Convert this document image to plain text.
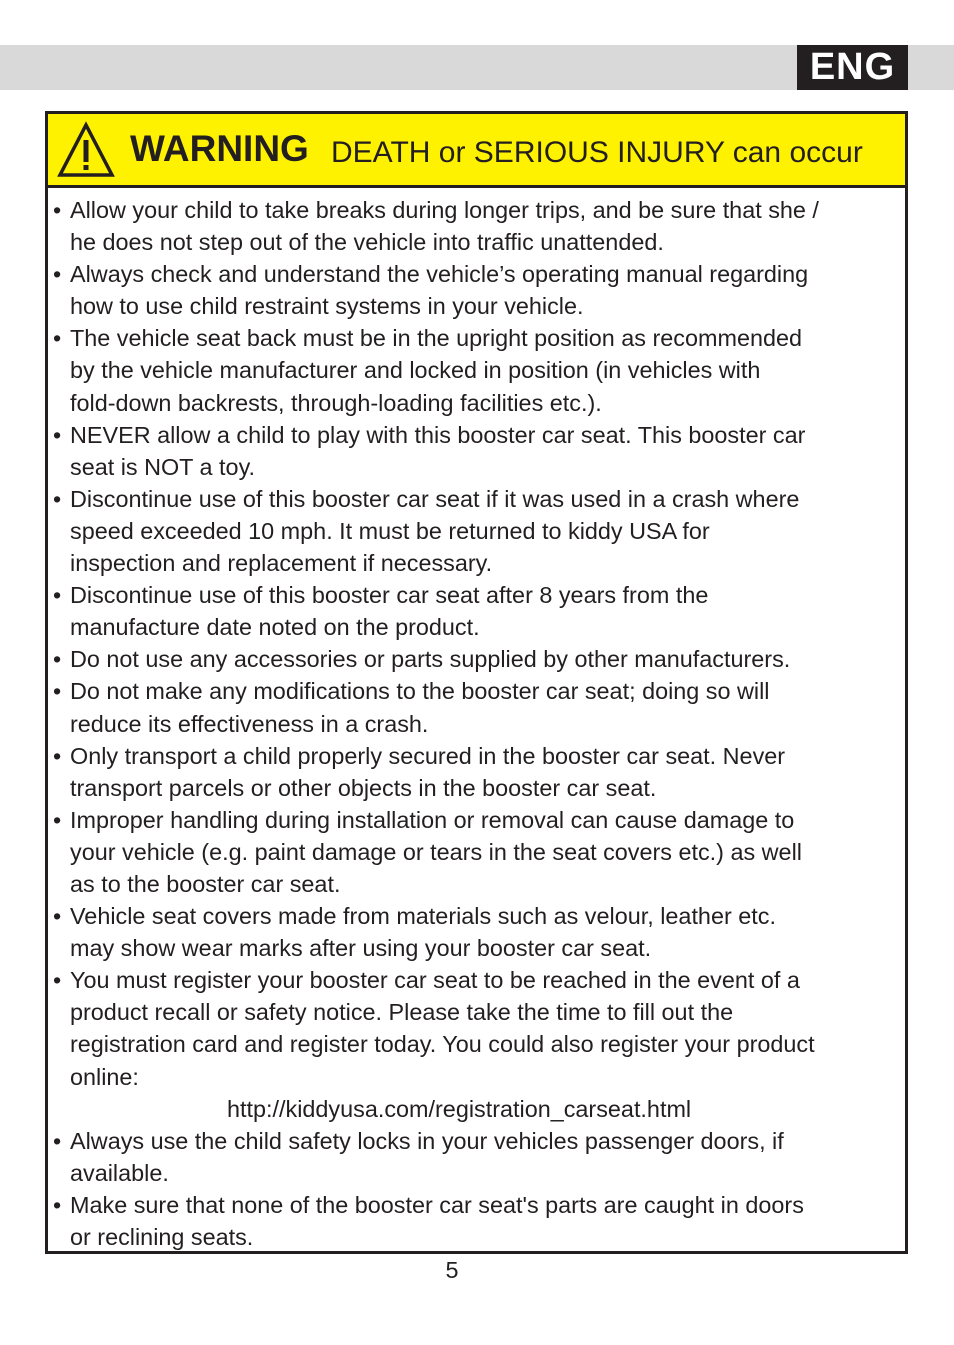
ENG
WARNING DEATH or SERIOUS INJURY can occur
• Allow your child to take breaks during longer trips, and be sure that she /
he does not step out of the vehicle into traffic unattended.
• Always check and understand the vehicle’s operating manual regarding
how to use child restraint systems in your vehicle.
• The vehicle seat back must be in the upright position as recommended
by the vehicle manufacturer and locked in position (in vehicles with
fold-down backrests, through-loading facilities etc.).
• NEVER allow a child to play with this booster car seat. This booster car
seat is NOT a toy.
• Discontinue use of this booster car seat if it was used in a crash where
speed exceeded 10 mph. It must be returned to kiddy USA for
inspection and replacement if necessary.
• Discontinue use of this booster car seat after 8 years from the
manufacture date noted on the product.
• Do not use any accessories or parts supplied by other manufacturers.
• Do not make any modifications to the booster car seat; doing so will
reduce its effectiveness in a crash.
• Only transport a child properly secured in the booster car seat. Never
transport parcels or other objects in the booster car seat.
• Improper handling during installation or removal can cause damage to
your vehicle (e.g. paint damage or tears in the seat covers etc.) as well
as to the booster car seat.
• Vehicle seat covers made from materials such as velour, leather etc.
may show wear marks after using your booster car seat.
• You must register your booster car seat to be reached in the event of a
product recall or safety notice. Please take the time to fill out the
registration card and register today. You could also register your product
online:
http://kiddyusa.com/registration_carseat.html
• Always use the child safety locks in your vehicles passenger doors, if
available.
• Make sure that none of the booster car seat's parts are caught in doors
or reclining seats.
5
